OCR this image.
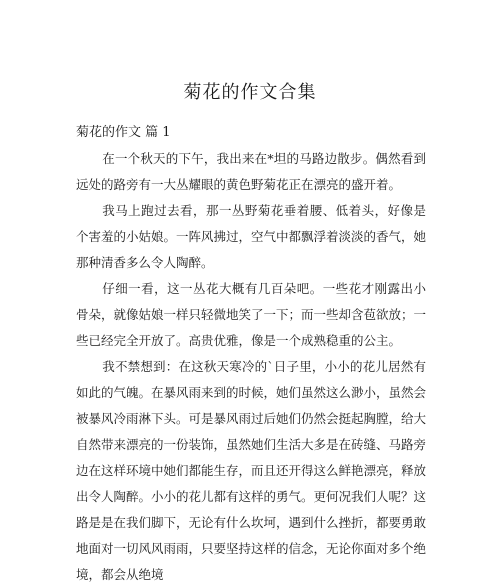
菊花的作文合集
菊花的作文 篇 1

在一个秋天的下午，我出来在*坦的马路边散步。偶然看到远处的路旁有一大丛耀眼的黄色野菊花正在漂亮的盛开着。

我马上跑过去看，那一丛野菊花垂着腰、低着头，好像是个害羞的小姑娘。一阵风拂过，空气中都飘浮着淡淡的香气，她那种清香多么令人陶醉。

仔细一看，这一丛花大概有几百朵吧。一些花才刚露出小骨朵，就像姑娘一样只轻微地笑了一下；而一些却含苞欲放；一些已经完全开放了。高贵优雅，像是一个成熟稳重的公主。

我不禁想到：在这秋天寒冷的`日子里，小小的花儿居然有如此的气魄。在暴风雨来到的时候，她们虽然这么渺小，虽然会被暴风冷雨淋下头。可是暴风雨过后她们仍然会挺起胸膛，给大自然带来漂亮的一份装饰，虽然她们生活大多是在砖缝、马路旁边在这样环境中她们都能生存，而且还开得这么鲜艳漂亮，释放出令人陶醉。小小的花儿都有这样的勇气。更何况我们人呢？这路是是在我们脚下，无论有什么坎坷，遇到什么挫折，都要勇敢地面对一切风风雨雨，只要坚持这样的信念，无论你面对多个绝境，都会从绝境
